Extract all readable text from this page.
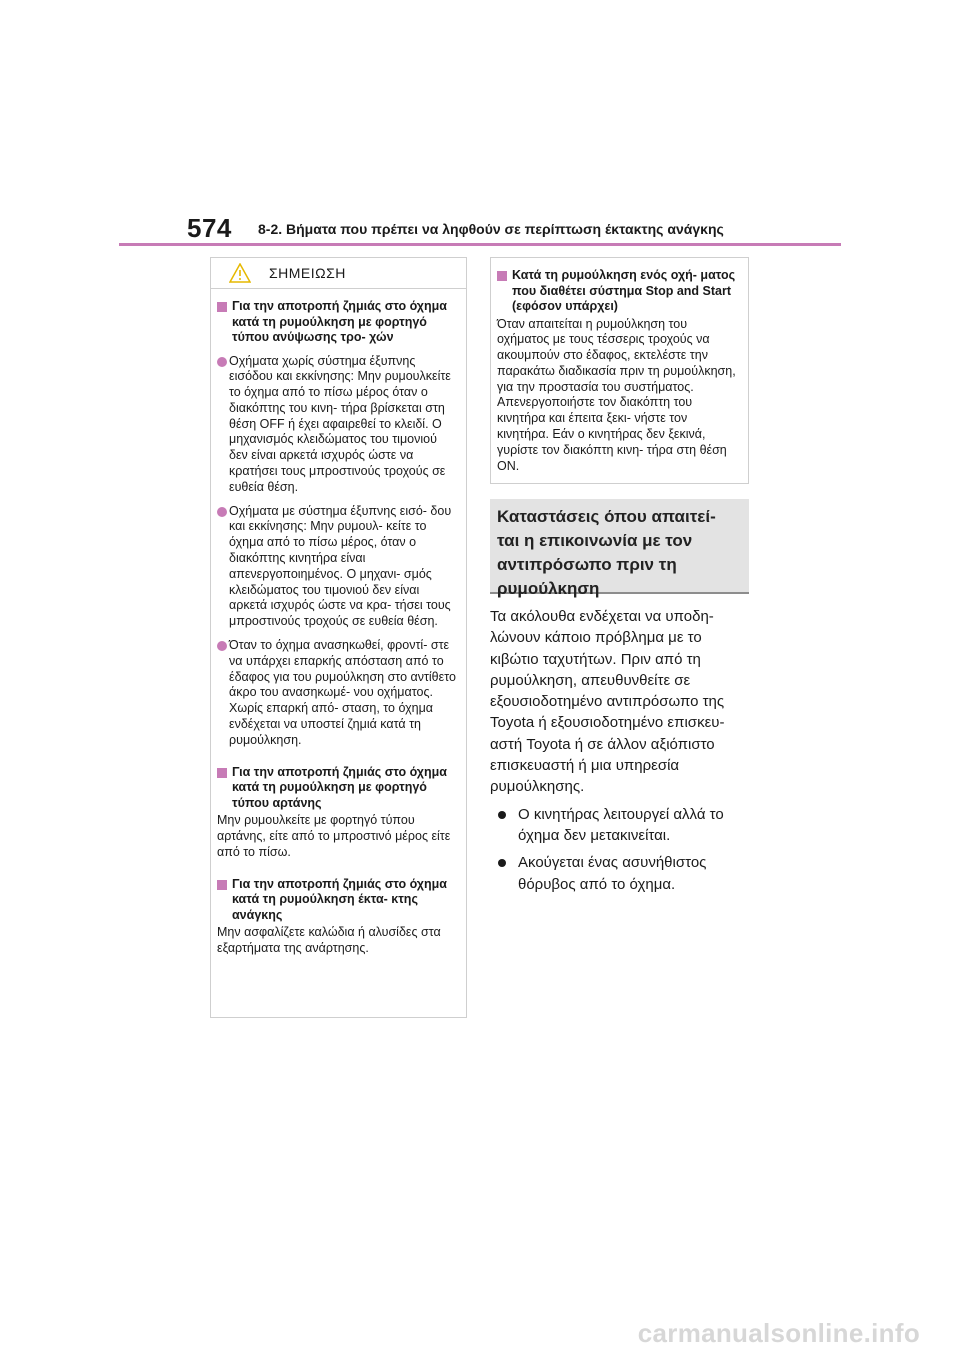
574 8-2. Βήματα που πρέπει να ληφθούν σε περίπτωση έκτακτης ανάγκης
ΣΗΜΕΙΩΣΗ
Για την αποτροπή ζημιάς στο όχημα κατά τη ρυμούλκηση με φορτηγό τύπου ανύψωσης τρο- χών
Οχήματα χωρίς σύστημα έξυπνης εισόδου και εκκίνησης: Μην ρυμουλκείτε το όχημα από το πίσω μέρος όταν ο διακόπτης του κινη- τήρα βρίσκεται στη θέση OFF ή έχει αφαιρεθεί το κλειδί. Ο μηχανισμός κλειδώματος του τιμονιού δεν είναι αρκετά ισχυρός ώστε να κρατήσει τους μπροστινούς τροχούς σε ευθεία θέση.
Οχήματα με σύστημα έξυπνης εισό- δου και εκκίνησης: Μην ρυμουλ- κείτε το όχημα από το πίσω μέρος, όταν ο διακόπτης κινητήρα είναι απενεργοποιημένος. Ο μηχανι- σμός κλειδώματος του τιμονιού δεν είναι αρκετά ισχυρός ώστε να κρα- τήσει τους μπροστινούς τροχούς σε ευθεία θέση.
Όταν το όχημα ανασηκωθεί, φροντί- στε να υπάρχει επαρκής απόσταση από το έδαφος για του ρυμούλκηση στο αντίθετο άκρο του ανασηκωμέ- νου οχήματος. Χωρίς επαρκή από- σταση, το όχημα ενδέχεται να υποστεί ζημιά κατά τη ρυμούλκηση.
Για την αποτροπή ζημιάς στο όχημα κατά τη ρυμούλκηση με φορτηγό τύπου αρτάνης
Μην ρυμουλκείτε με φορτηγό τύπου αρτάνης, είτε από το μπροστινό μέρος είτε από το πίσω.
Για την αποτροπή ζημιάς στο όχημα κατά τη ρυμούλκηση έκτα- κτης ανάγκης
Μην ασφαλίζετε καλώδια ή αλυσίδες στα εξαρτήματα της ανάρτησης.
Κατά τη ρυμούλκηση ενός οχή- ματος που διαθέτει σύστημα Stop and Start (εφόσον υπάρχει)
Όταν απαιτείται η ρυμούλκηση του οχήματος με τους τέσσερις τροχούς να ακουμπούν στο έδαφος, εκτελέστε την παρακάτω διαδικασία πριν τη ρυμούλκηση, για την προστασία του συστήματος. Απενεργοποιήστε τον διακόπτη του κινητήρα και έπειτα ξεκι- νήστε τον κινητήρα. Εάν ο κινητήρας δεν ξεκινά, γυρίστε τον διακόπτη κινη- τήρα στη θέση ON.
Καταστάσεις όπου απαιτεί- ται η επικοινωνία με τον αντιπρόσωπο πριν τη ρυμούλκηση
Τα ακόλουθα ενδέχεται να υποδη- λώνουν κάποιο πρόβλημα με το κιβώτιο ταχυτήτων. Πριν από τη ρυμούλκηση, απευθυνθείτε σε εξουσιοδοτημένο αντιπρόσωπο της Toyota ή εξουσιοδοτημένο επισκευ- αστή Toyota ή σε άλλον αξιόπιστο επισκευαστή ή μια υπηρεσία ρυμούλκησης.
Ο κινητήρας λειτουργεί αλλά το όχημα δεν μετακινείται.
Ακούγεται ένας ασυνήθιστος θόρυβος από το όχημα.
carmanualsonline.info
